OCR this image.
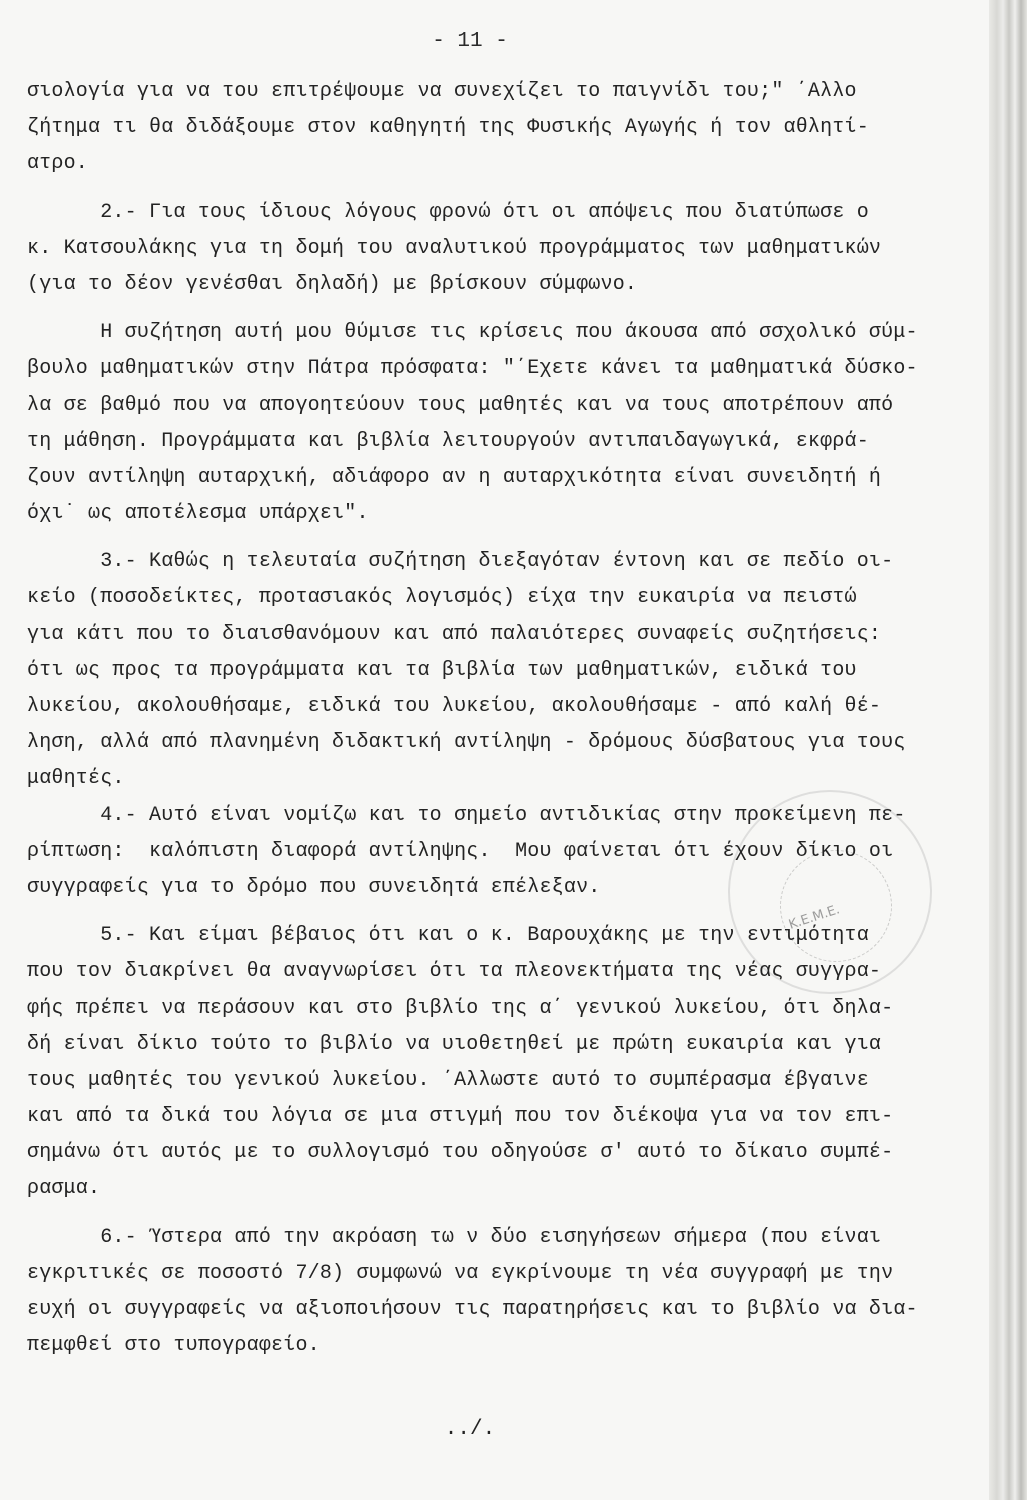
Κ.Ε.Μ.Ε.
- 11 -
σιολογία για να του επιτρέψουμε να συνεχίζει το παιγνίδι του;" ΄Αλλο
ζήτημα τι θα διδάξουμε στον καθηγητή της Φυσικής Αγωγής ή τον αθλητί-
ατρο.
2.- Για τους ίδιους λόγους φρονώ ότι οι απόψεις που διατύπωσε ο
κ. Κατσουλάκης για τη δομή του αναλυτικού προγράμματος των μαθηματικών
(για το δέον γενέσθαι δηλαδή) με βρίσκουν σύμφωνο.
Η συζήτηση αυτή μου θύμισε τις κρίσεις που άκουσα από σσχολικό σύμ-
βουλο μαθηματικών στην Πάτρα πρόσφατα: "΄Εχετε κάνει τα μαθηματικά δύσκο-
λα σε βαθμό που να απογοητεύουν τους μαθητές και να τους αποτρέπουν από
τη μάθηση. Προγράμματα και βιβλία λειτουργούν αντιπαιδαγωγικά, εκφρά-
ζουν αντίληψη αυταρχική, αδιάφορο αν η αυταρχικότητα είναι συνειδητή ή
όχι˙ ως αποτέλεσμα υπάρχει".
3.- Καθώς η τελευταία συζήτηση διεξαγόταν έντονη και σε πεδίο οι-
κείο (ποσοδείκτες, προτασιακός λογισμός) είχα την ευκαιρία να πειστώ
για κάτι που το διαισθανόμουν και από παλαιότερες συναφείς συζητήσεις:
ότι ως προς τα προγράμματα και τα βιβλία των μαθηματικών, ειδικά του
λυκείου, ακολουθήσαμε, ειδικά του λυκείου, ακολουθήσαμε - από καλή θέ-
ληση, αλλά από πλανημένη διδακτική αντίληψη - δρόμους δύσβατους για τους
μαθητές.
4.- Αυτό είναι νομίζω και το σημείο αντιδικίας στην προκείμενη πε-
ρίπτωση:  καλόπιστη διαφορά αντίληψης.  Μου φαίνεται ότι έχουν δίκιο οι
συγγραφείς για το δρόμο που συνειδητά επέλεξαν.
5.- Και είμαι βέβαιος ότι και ο κ. Βαρουχάκης με την εντιμότητα
που τον διακρίνει θα αναγνωρίσει ότι τα πλεονεκτήματα της νέας συγγρα-
φής πρέπει να περάσουν και στο βιβλίο της α΄ γενικού λυκείου, ότι δηλα-
δή είναι δίκιο τούτο το βιβλίο να υιοθετηθεί με πρώτη ευκαιρία και για
τους μαθητές του γενικού λυκείου. ΄Αλλωστε αυτό το συμπέρασμα έβγαινε
και από τα δικά του λόγια σε μια στιγμή που τον διέκοψα για να τον επι-
σημάνω ότι αυτός με το συλλογισμό του οδηγούσε σ' αυτό το δίκαιο συμπέ-
ρασμα.
6.- Ύστερα από την ακρόαση τω ν δύο εισηγήσεων σήμερα (που είναι
εγκριτικές σε ποσοστό 7/8) συμφωνώ να εγκρίνουμε τη νέα συγγραφή με την
ευχή οι συγγραφείς να αξιοποιήσουν τις παρατηρήσεις και το βιβλίο να δια-
πεμφθεί στο τυπογραφείο.
../.
